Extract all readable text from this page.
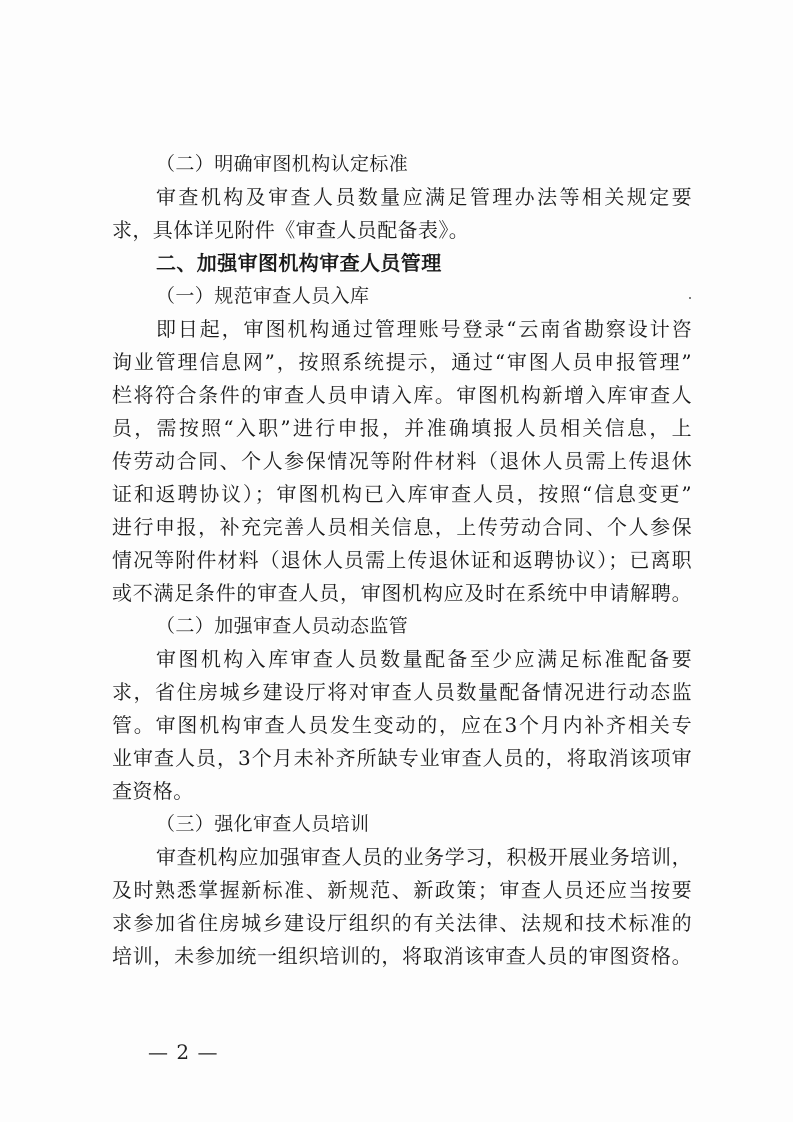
（二）明确审图机构认定标准
审查机构及审查人员数量应满足管理办法等相关规定要
求，具体详见附件《审查人员配备表》。
二、加强审图机构审查人员管理
（一）规范审查人员入库
即日起，审图机构通过管理账号登录“云南省勘察设计咨
询业管理信息网”，按照系统提示，通过“审图人员申报管理”
栏将符合条件的审查人员申请入库。审图机构新增入库审查人
员，需按照“入职”进行申报，并准确填报人员相关信息，上
传劳动合同、个人参保情况等附件材料（退休人员需上传退休
证和返聘协议）；审图机构已入库审查人员，按照“信息变更”
进行申报，补充完善人员相关信息，上传劳动合同、个人参保
情况等附件材料（退休人员需上传退休证和返聘协议）；已离职
或不满足条件的审查人员，审图机构应及时在系统中申请解聘。
（二）加强审查人员动态监管
审图机构入库审查人员数量配备至少应满足标准配备要
求，省住房城乡建设厅将对审查人员数量配备情况进行动态监
管。审图机构审查人员发生变动的，应在3个月内补齐相关专
业审查人员，3个月未补齐所缺专业审查人员的，将取消该项审
查资格。
（三）强化审查人员培训
审查机构应加强审查人员的业务学习，积极开展业务培训，
及时熟悉掌握新标准、新规范、新政策；审查人员还应当按要
求参加省住房城乡建设厅组织的有关法律、法规和技术标准的
培训，未参加统一组织培训的，将取消该审查人员的审图资格。
— 2 —
